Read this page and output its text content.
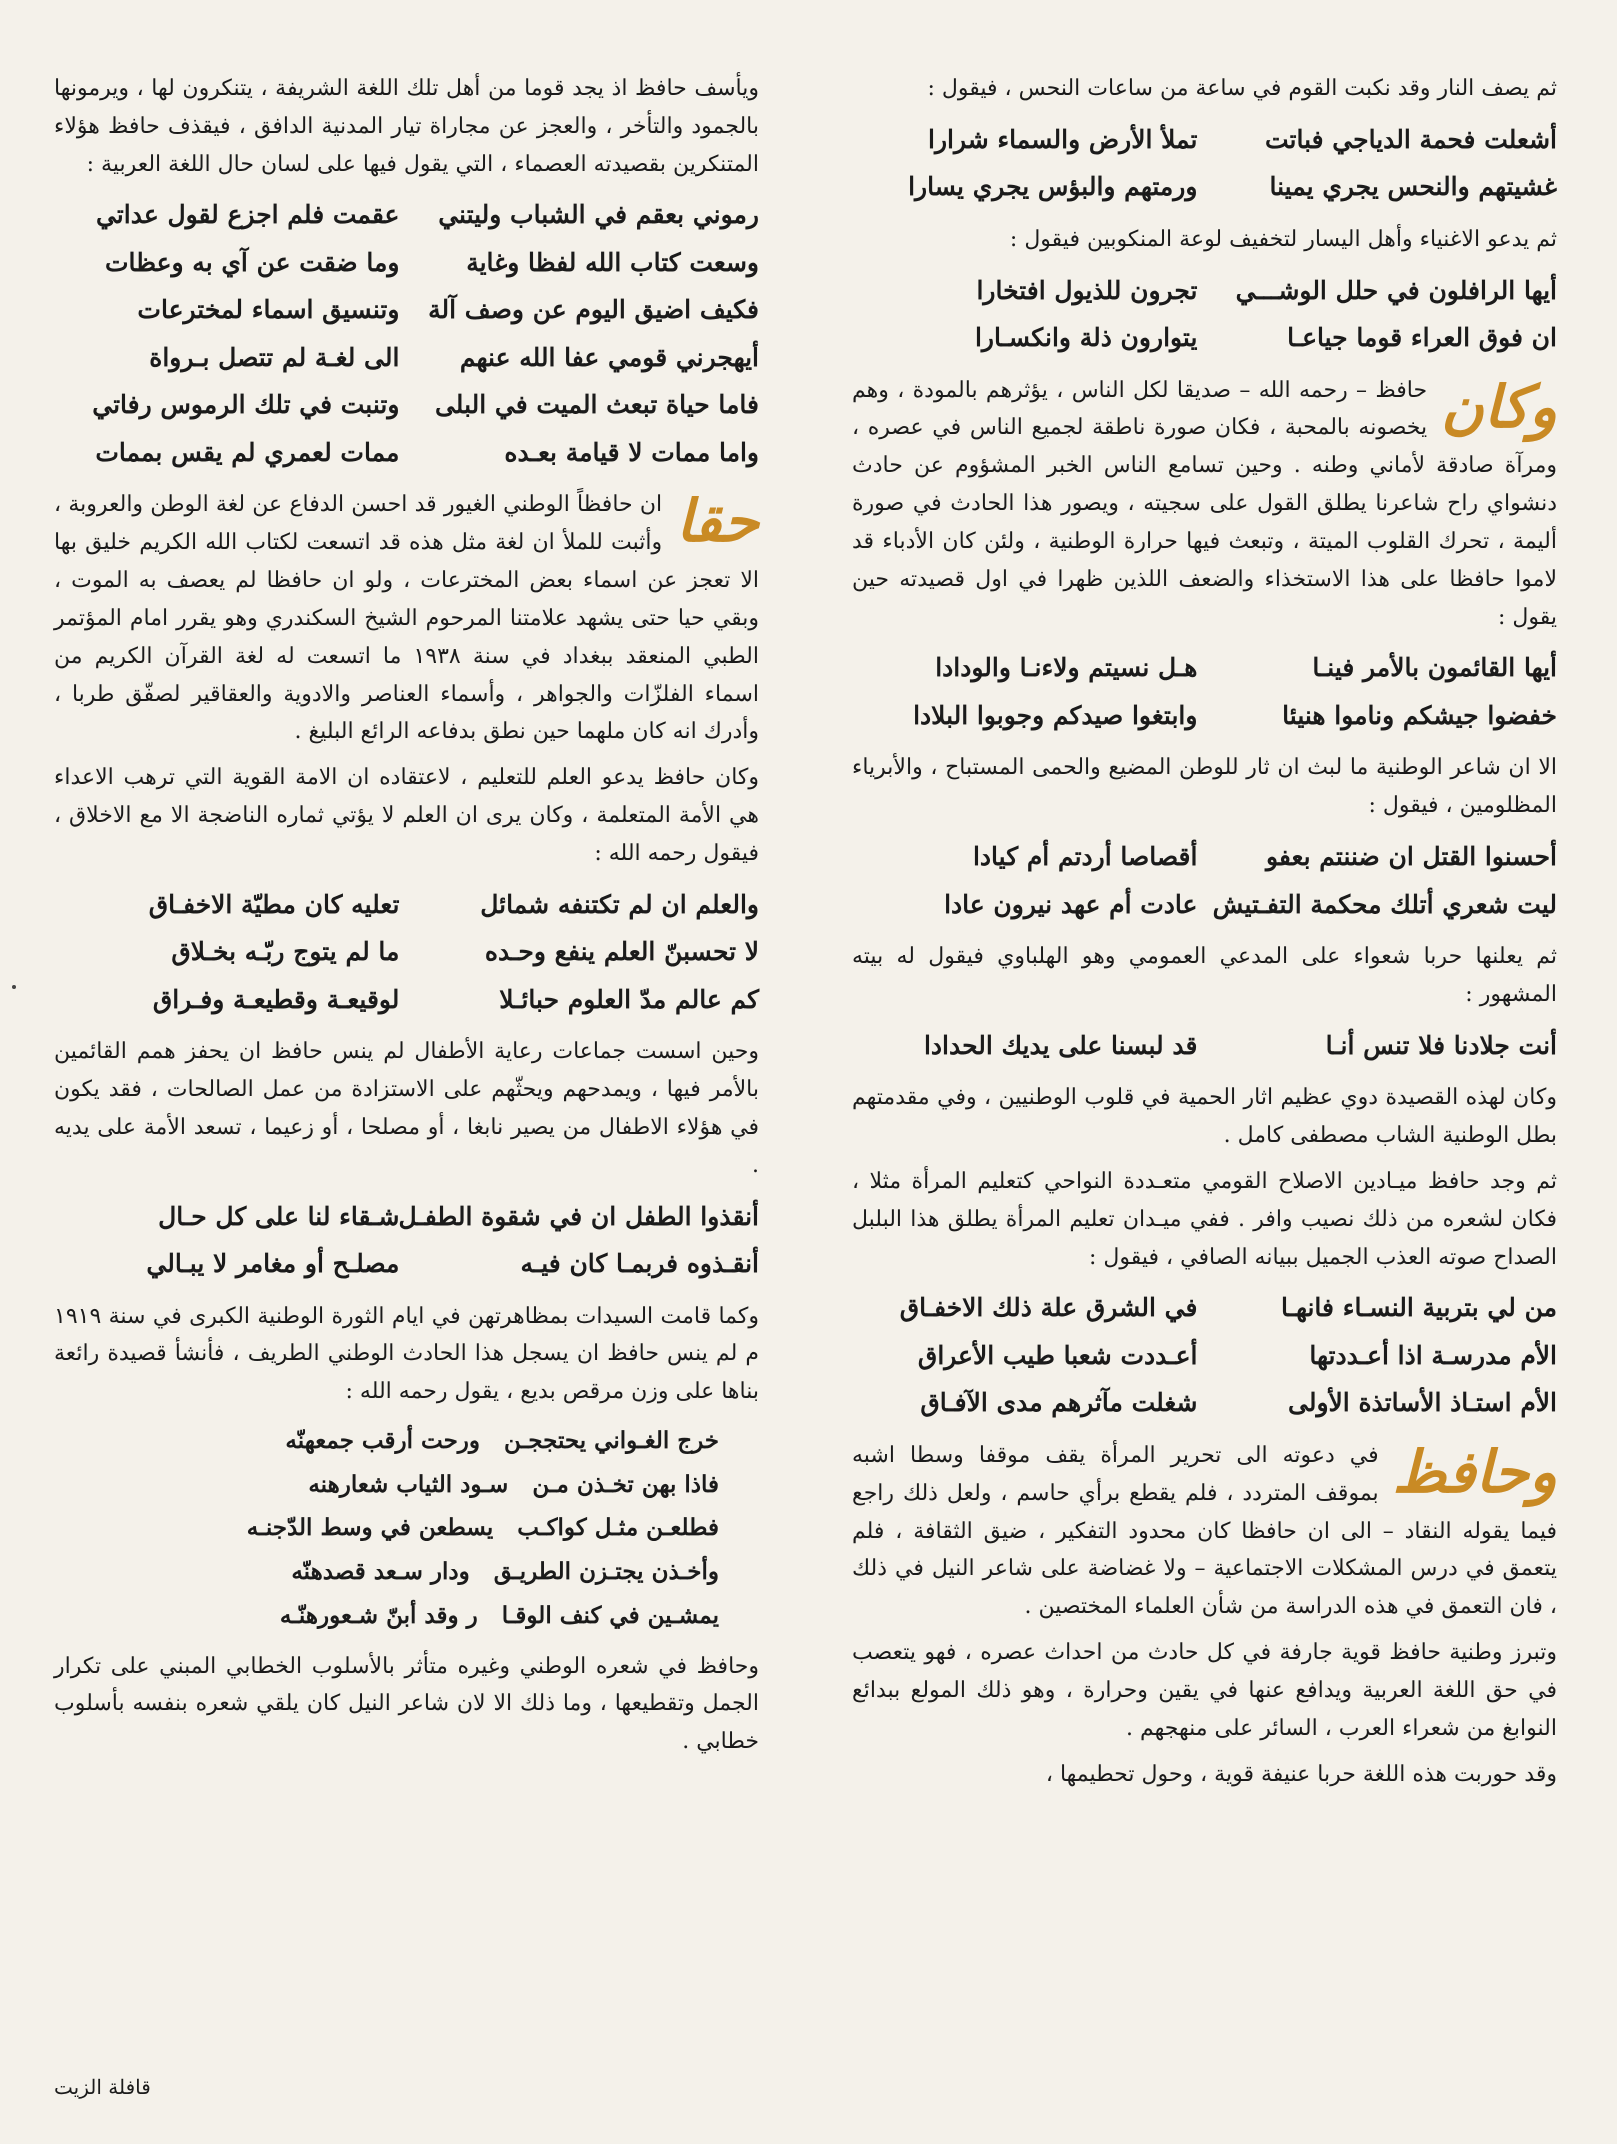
ثم يصف النار وقد نكبت القوم في ساعة من ساعات النحس ، فيقول :

أشعلت فحمة الدياجي فباتت
تملأ الأرض والسماء شرارا
غشيتهم والنحس يجري يمينا
ورمتهم والبؤس يجري يسارا

ثم يدعو الاغنياء وأهل اليسار لتخفيف لوعة المنكوبين فيقول :

أيها الرافلون في حلل الوشـــي
تجرون للذيول افتخارا
ان فوق العراء قوما جياعـا
يتوارون ذلة وانكسـارا

وكان
حافظ – رحمه الله – صديقا لكل الناس ، يؤثرهم بالمودة ، وهم يخصونه بالمحبة ، فكان صورة ناطقة لجميع الناس في عصره ، ومرآة صادقة لأماني وطنه . وحين تسامع الناس الخبر المشؤوم عن حادث دنشواي راح شاعرنا يطلق القول على سجيته ، ويصور هذا الحادث في صورة أليمة ، تحرك القلوب الميتة ، وتبعث فيها حرارة الوطنية ، ولئن كان الأدباء قد لاموا حافظا على هذا الاستخذاء والضعف اللذين ظهرا في اول قصيدته حين يقول :

أيها القائمون بالأمر فينـا
هـل نسيتم ولاءنـا والودادا
خفضوا جيشكم وناموا هنيئا
وابتغوا صيدكم وجوبوا البلادا

الا ان شاعر الوطنية ما لبث ان ثار للوطن المضيع والحمى المستباح ، والأبرياء المظلومين ، فيقول :

أحسنوا القتل ان ضننتم بعفو
أقصاصا أردتم أم كيادا
ليت شعري أتلك محكمة التفـتيش
عادت أم عهد نيرون عادا

ثم يعلنها حربا شعواء على المدعي العمومي وهو الهلباوي فيقول له بيته المشهور :

أنت جلادنا فلا تنس أنـا
قد لبسنا على يديك الحدادا

وكان لهذه القصيدة دوي عظيم اثار الحمية في قلوب الوطنيين ، وفي مقدمتهم بطل الوطنية الشاب مصطفى كامل .

ثم وجد حافظ ميـادين الاصلاح القومي متعـددة النواحي كتعليم المرأة مثلا ، فكان لشعره من ذلك نصيب وافر . ففي ميـدان تعليم المرأة يطلق هذا البلبل الصداح صوته العذب الجميل ببيانه الصافي ، فيقول :

من لي بتربية النسـاء فانهـا
في الشرق علة ذلك الاخفـاق
الأم مدرسـة اذا أعـددتها
أعـددت شعبا طيب الأعراق
الأم استـاذ الأساتذة الأولى
شغلت مآثرهم مدى الآفـاق

وحافظ
في دعوته الى تحرير المرأة يقف موقفا وسطا اشبه بموقف المتردد ، فلم يقطع برأي حاسم ، ولعل ذلك راجع فيما يقوله النقاد – الى ان حافظا كان محدود التفكير ، ضيق الثقافة ، فلم يتعمق في درس المشكلات الاجتماعية – ولا غضاضة على شاعر النيل في ذلك ، فان التعمق في هذه الدراسة من شأن العلماء المختصين .

وتبرز وطنية حافظ قوية جارفة في كل حادث من احداث عصره ، فهو يتعصب في حق اللغة العربية ويدافع عنها في يقين وحرارة ، وهو ذلك المولع ببدائع النوابغ من شعراء العرب ، السائر على منهجهم .

وقد حوربت هذه اللغة حربا عنيفة قوية ، وحول تحطيمها ،

ويأسف حافظ اذ يجد قوما من أهل تلك اللغة الشريفة ، يتنكرون لها ، ويرمونها بالجمود والتأخر ، والعجز عن مجاراة تيار المدنية الدافق ، فيقذف حافظ هؤلاء المتنكرين بقصيدته العصماء ، التي يقول فيها على لسان حال اللغة العربية :

رموني بعقم في الشباب وليتني
عقمت فلم اجزع لقول عداتي
وسعت كتاب الله لفظا وغاية
وما ضقت عن آي به وعظات
فكيف اضيق اليوم عن وصف آلة
وتنسيق اسماء لمخترعات
أيهجرني قومي عفا الله عنهم
الى لغـة لم تتصل بـرواة
فاما حياة تبعث الميت في البلى
وتنبت في تلك الرموس رفاتي
واما ممات لا قيامة بعـده
ممات لعمري لم يقس بممات

حقا
ان حافظاً الوطني الغيور قد احسن الدفاع عن لغة الوطن والعروبة ، وأثبت للملأ ان لغة مثل هذه قد اتسعت لكتاب الله الكريم خليق بها الا تعجز عن اسماء بعض المخترعات ، ولو ان حافظا لم يعصف به الموت ، وبقي حيا حتى يشهد علامتنا المرحوم الشيخ السكندري وهو يقرر امام المؤتمر الطبي المنعقد ببغداد في سنة ١٩٣٨ ما اتسعت له لغة القرآن الكريم من اسماء الفلزّات والجواهر ، وأسماء العناصر والادوية والعقاقير لصفّق طربا ، وأدرك انه كان ملهما حين نطق بدفاعه الرائع البليغ .

وكان حافظ يدعو العلم للتعليم ، لاعتقاده ان الامة القوية التي ترهب الاعداء هي الأمة المتعلمة ، وكان يرى ان العلم لا يؤتي ثماره الناضجة الا مع الاخلاق ، فيقول رحمه الله :

والعلم ان لم تكتنفه شمائل
تعليه كان مطيّة الاخفـاق
لا تحسبنّ العلم ينفع وحـده
ما لم يتوج ربّـه بخـلاق
كم عالم مدّ العلوم حبائـلا
لوقيعـة وقطيعـة وفـراق

وحين اسست جماعات رعاية الأطفال لم ينس حافظ ان يحفز همم القائمين بالأمر فيها ، ويمدحهم ويحثّهم على الاستزادة من عمل الصالحات ، فقد يكون في هؤلاء الاطفال من يصير نابغا ، أو مصلحا ، أو زعيما ، تسعد الأمة على يديه .

أنقذوا الطفل ان في شقوة الطفـل
شـقاء لنا على كل حـال
أنقـذوه فربمـا كان فيـه
مصلـح أو مغامر لا يبـالي

وكما قامت السيدات بمظاهرتهن في ايام الثورة الوطنية الكبرى في سنة ١٩١٩ م لم ينس حافظ ان يسجل هذا الحادث الوطني الطريف ، فأنشأ قصيدة رائعة بناها على وزن مرقص بديع ، يقول رحمه الله :

خرج الغـواني يحتججـن
ورحت أرقب جمعهنّه
فاذا بهن تخـذن مـن
سـود الثياب شعارهنه
فطلعـن مثـل كواكـب
يسطعن في وسط الدّجنـه
وأخـذن يجتـزن الطريـق
ودار سـعد قصدهنّه
يمشـين في كنف الوقـا
ر وقد أبنّ شـعورهنّـه

وحافظ في شعره الوطني وغيره متأثر بالأسلوب الخطابي المبني على تكرار الجمل وتقطيعها ، وما ذلك الا لان شاعر النيل كان يلقي شعره بنفسه بأسلوب خطابي .

قافلة الزيت
